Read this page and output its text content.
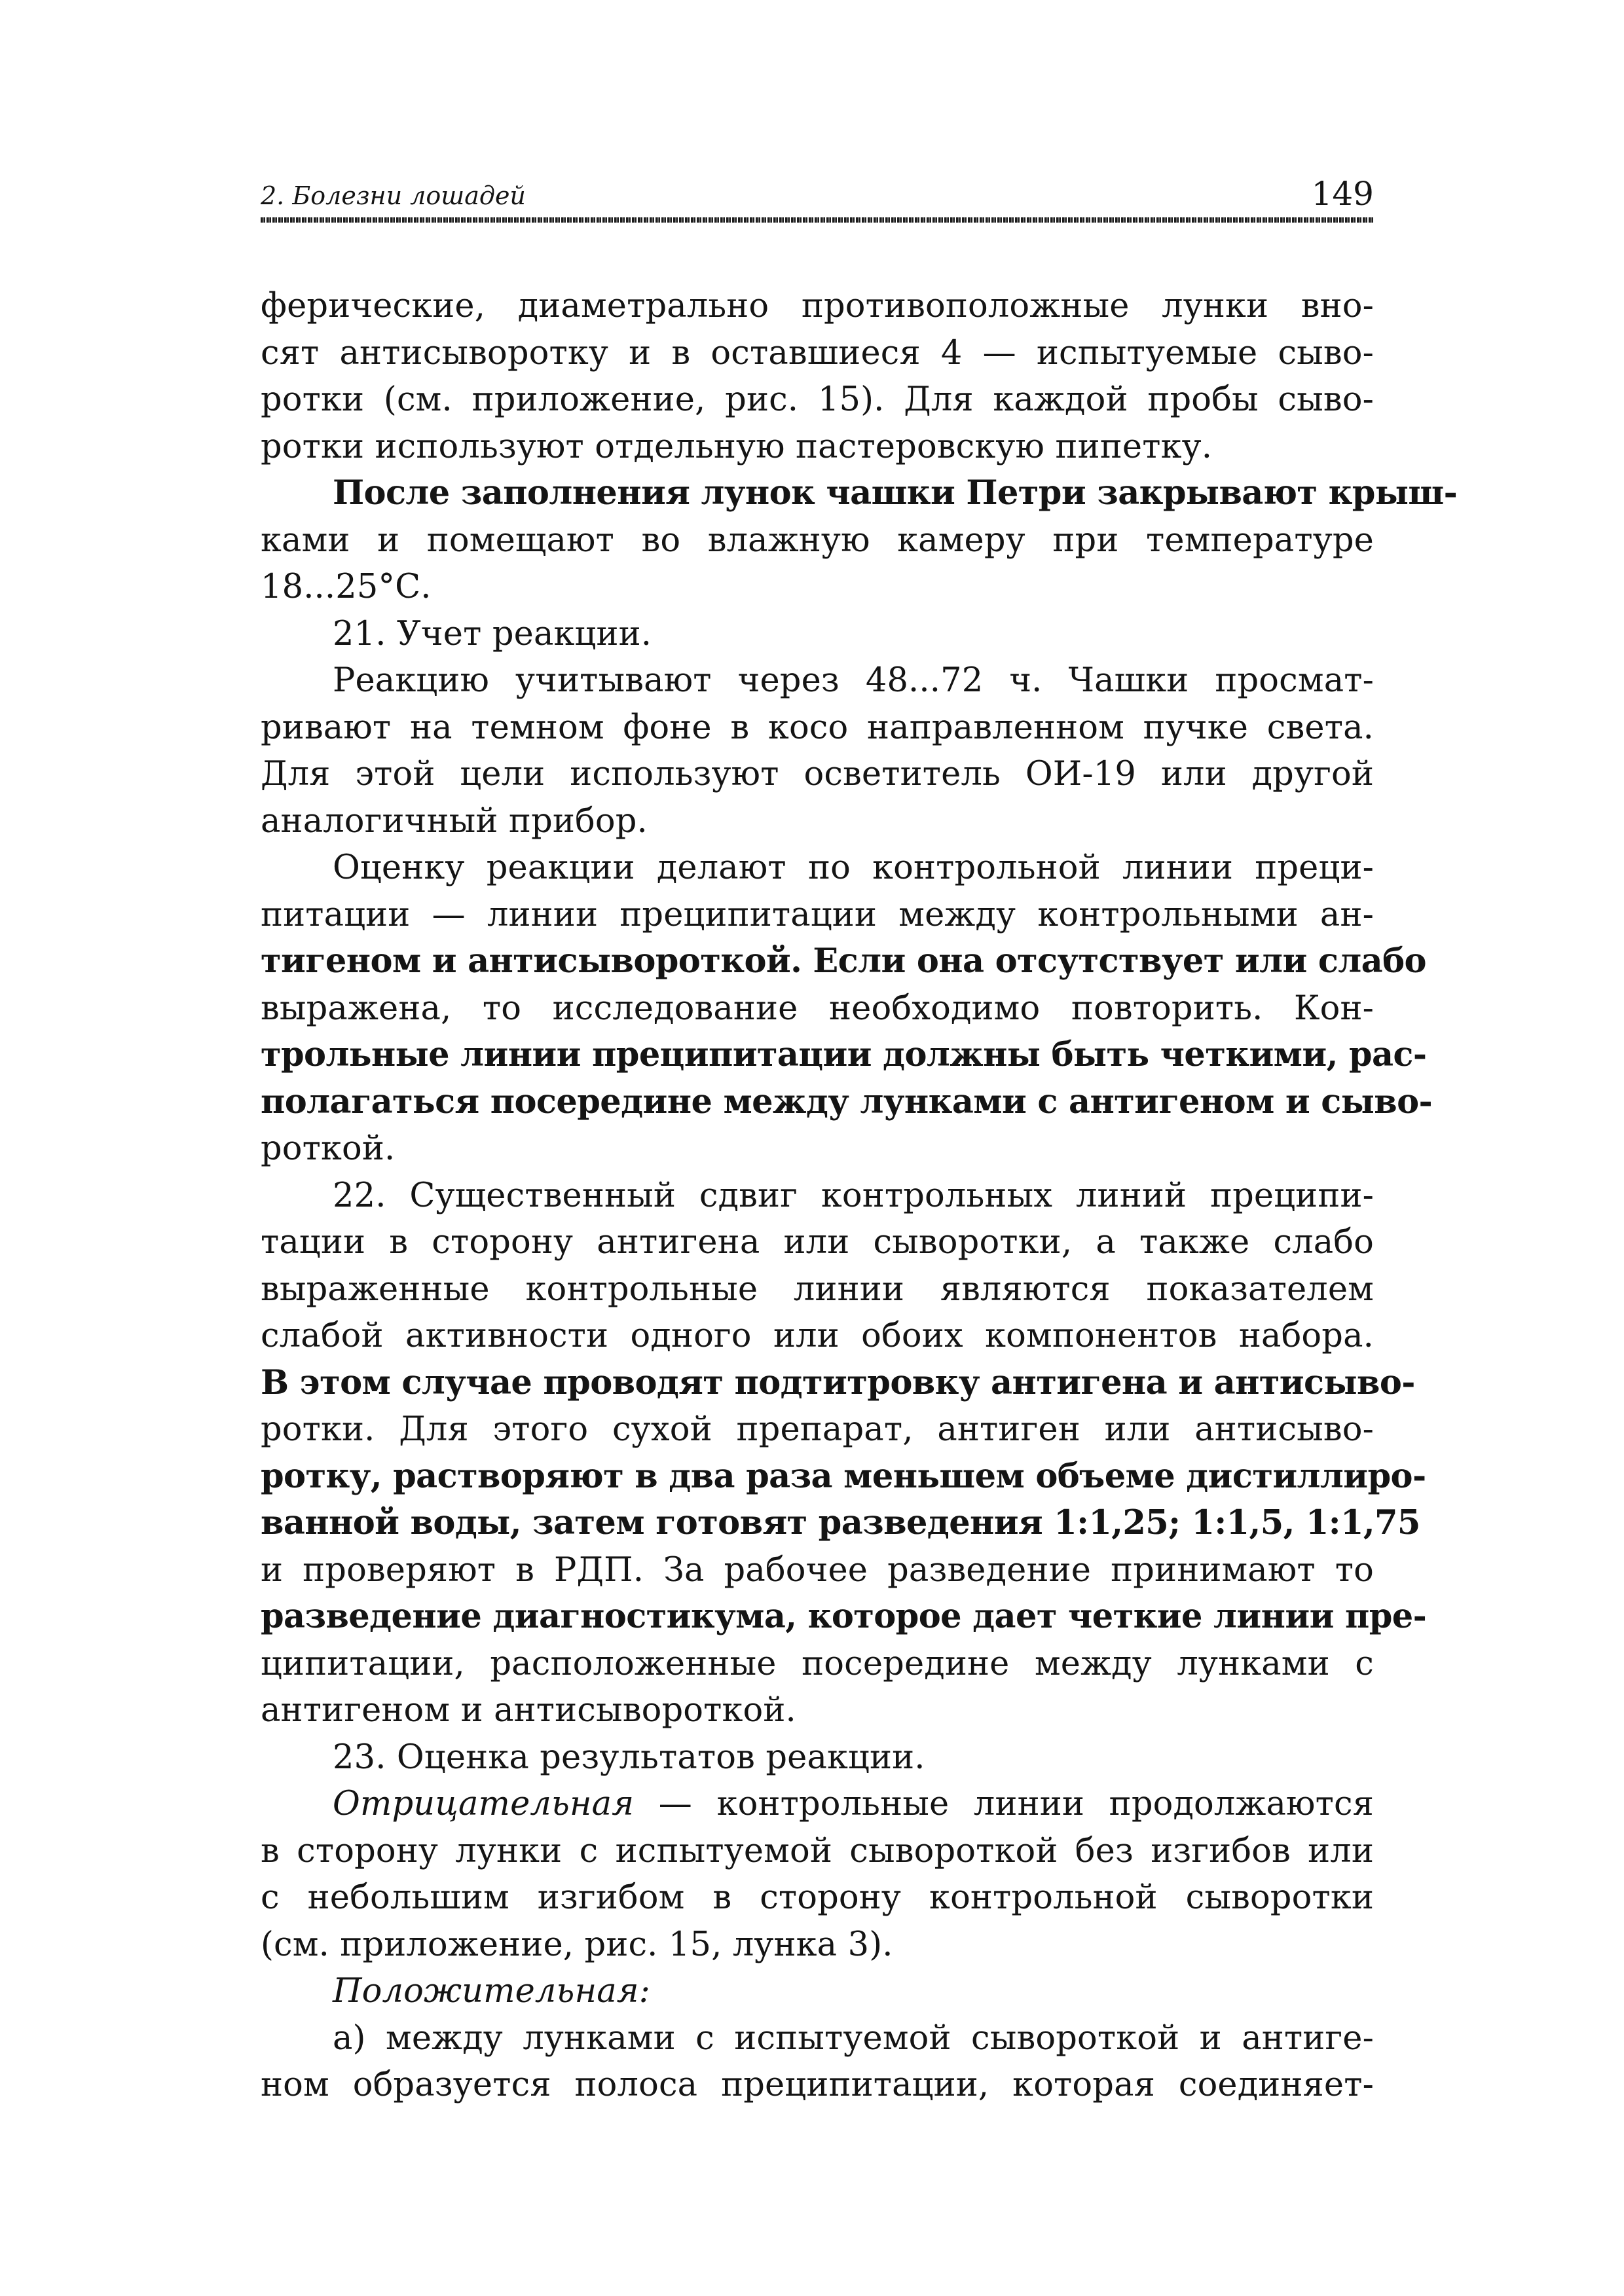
2. Болезни лошадей	149
ферические, диаметрально противоположные лунки вно-
сят антисыворотку и в оставшиеся 4 — испытуемые сыво-
ротки (см. приложение, рис. 15). Для каждой пробы сыво-
ротки используют отдельную пастеровскую пипетку.
После заполнения лунок чашки Петри закрывают крыш-
ками и помещают во влажную камеру при температуре
18...25°С.
21. Учет реакции.
Реакцию учитывают через 48...72 ч. Чашки просмат-
ривают на темном фоне в косо направленном пучке света.
Для этой цели используют осветитель ОИ-19 или другой
аналогичный прибор.
Оценку реакции делают по контрольной линии преци-
питации — линии преципитации между контрольными ан-
тигеном и антисывороткой. Если она отсутствует или слабо
выражена, то исследование необходимо повторить. Кон-
трольные линии преципитации должны быть четкими, рас-
полагаться посередине между лунками с антигеном и сыво-
роткой.
22. Существенный сдвиг контрольных линий преципи-
тации в сторону антигена или сыворотки, а также слабо
выраженные контрольные линии являются показателем
слабой активности одного или обоих компонентов набора.
В этом случае проводят подтитровку антигена и антисыво-
ротки. Для этого сухой препарат, антиген или антисыво-
ротку, растворяют в два раза меньшем объеме дистиллиро-
ванной воды, затем готовят разведения 1:1,25; 1:1,5, 1:1,75
и проверяют в РДП. За рабочее разведение принимают то
разведение диагностикума, которое дает четкие линии пре-
ципитации, расположенные посередине между лунками с
антигеном и антисывороткой.
23. Оценка результатов реакции.
Отрицательная — контрольные линии продолжаются
в сторону лунки с испытуемой сывороткой без изгибов или
с небольшим изгибом в сторону контрольной сыворотки
(см. приложение, рис. 15, лунка 3).
Положительная:
а) между лунками с испытуемой сывороткой и антиге-
ном образуется полоса преципитации, которая соединяет-
